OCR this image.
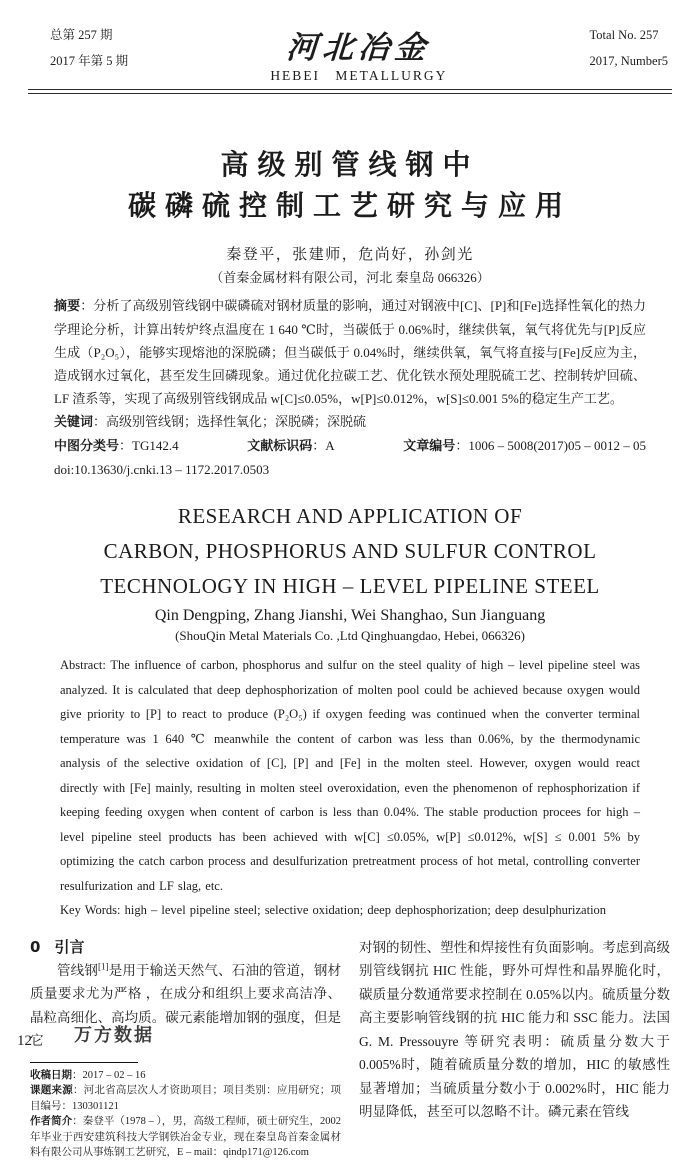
总第 257 期
2017 年第 5 期	河北冶金
HEBEI METALLURGY
Total No. 257
2017, Number5
高级别管线钢中
碳磷硫控制工艺研究与应用
秦登平，张建师，危尚好，孙剑光
（首秦金属材料有限公司，河北 秦皇岛 066326）
摘要：分析了高级别管线钢中碳磷硫对钢材质量的影响，通过对钢液中[C]、[P]和[Fe]选择性氧化的热力学理论分析，计算出转炉终点温度在 1 640 ℃时，当碳低于 0.06%时，继续供氧，氧气将优先与[P]反应生成（P₂O₅），能够实现熔池的深脱磷；但当碳低于 0.04%时，继续供氧，氧气将直接与[Fe]反应为主，造成钢水过氧化，甚至发生回磷现象。通过优化拉碳工艺、优化铁水预处理脱硫工艺、控制转炉回硫、LF 渣系等，实现了高级别管线钢成品 w[C]≤0.05%，w[P]≤0.012%，w[S]≤0.001 5%的稳定生产工艺。
关键词：高级别管线钢；选择性氧化；深脱磷；深脱硫
中图分类号：TG142.4	文献标识码：A	文章编号：1006 – 5008(2017)05 – 0012 – 05
doi:10.13630/j.cnki.13 – 1172.2017.0503
RESEARCH AND APPLICATION OF
CARBON, PHOSPHORUS AND SULFUR CONTROL
TECHNOLOGY IN HIGH – LEVEL PIPELINE STEEL
Qin Dengping, Zhang Jianshi, Wei Shanghao, Sun Jianguang
(ShouQin Metal Materials Co. ,Ltd Qinghuangdao, Hebei, 066326)
Abstract: The influence of carbon, phosphorus and sulfur on the steel quality of high – level pipeline steel was analyzed. It is calculated that deep dephosphorization of molten pool could be achieved because oxygen would give priority to [P] to react to produce (P₂O₅) if oxygen feeding was continued when the converter terminal temperature was 1 640 ℃ meanwhile the content of carbon was less than 0.06%, by the thermodynamic analysis of the selective oxidation of [C], [P] and [Fe] in the molten steel. However, oxygen would react directly with [Fe] mainly, resulting in molten steel overoxidation, even the phenomenon of rephosphorization if keeping feeding oxygen when content of carbon is less than 0.04%. The stable production procees for high – level pipeline steel products has been achieved with w[C] ≤0.05%, w[P] ≤0.012%, w[S] ≤ 0.001 5% by optimizing the catch carbon process and desulfurization pretreatment process of hot metal, controlling converter resulfurization and LF slag, etc.
Key Words: high – level pipeline steel; selective oxidation; deep dephosphorization; deep desulphurization
0 引言

管线钢[1]是用于输送天然气、石油的管道，钢材质量要求尤为严格 ，在成分和组织上要求高洁净、晶粒高细化、高均质。碳元素能增加钢的强度，但是它

收稿日期：2017 – 02 – 16
课题来源：河北省高层次人才资助项目；项目类别：应用研究；项目编号：130301121
作者简介：秦登平（1978 – ），男，高级工程师，硕士研究生，2002 年毕业于西安建筑科技大学钢铁冶金专业，现在秦皇岛首秦金属材料有限公司从事炼钢工艺研究，E – mail：qindp171@126.com

对钢的韧性、塑性和焊接性有负面影响。考虑到高级别管线钢抗 HIC 性能，野外可焊性和晶界脆化时，碳质量分数通常要求控制在 0.05%以内。硫质量分数高主要影响管线钢的抗 HIC 能力和 SSC 能力。法国 G. M. Pressouyre 等研究表明：硫质量分数大于 0.005%时，随着硫质量分数的增加，HIC 的敏感性显著增加；当硫质量分数小于 0.002%时，HIC 能力明显降低，甚至可以忽略不计。磷元素在管线

万方数据
12
